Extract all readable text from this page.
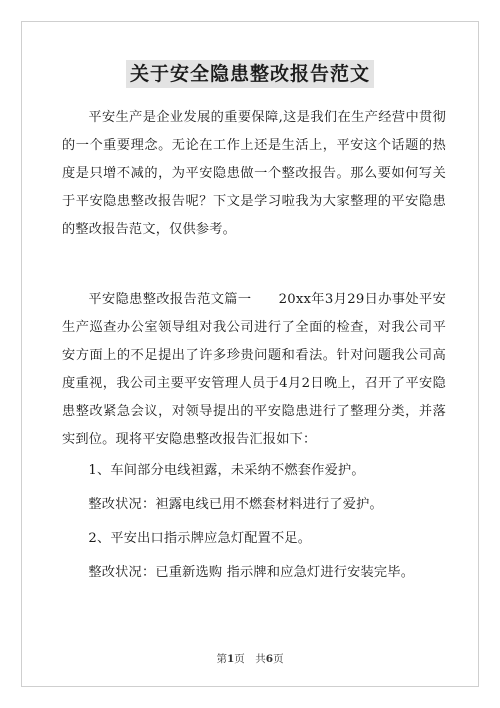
关于安全隐患整改报告范文

平安生产是企业发展的重要保障,这是我们在生产经营中贯彻的一个重要理念。无论在工作上还是生活上，平安这个话题的热度是只增不减的，为平安隐患做一个整改报告。那么要如何写关于平安隐患整改报告呢？下文是学习啦我为大家整理的平安隐患的整改报告范文，仅供参考。

平安隐患整改报告范文篇一　　20xx年3月29日办事处平安生产巡查办公室领导组对我公司进行了全面的检查，对我公司平安方面上的不足提出了许多珍贵问题和看法。针对问题我公司高度重视，我公司主要平安管理人员于4月2日晚上，召开了平安隐患整改紧急会议，对领导提出的平安隐患进行了整理分类，并落实到位。现将平安隐患整改报告汇报如下：

1、车间部分电线袒露，未采纳不燃套作爱护。

整改状况：袒露电线已用不燃套材料进行了爱护。

2、平安出口指示牌应急灯配置不足。

整改状况：已重新选购 指示牌和应急灯进行安装完毕。

第1页　共6页
